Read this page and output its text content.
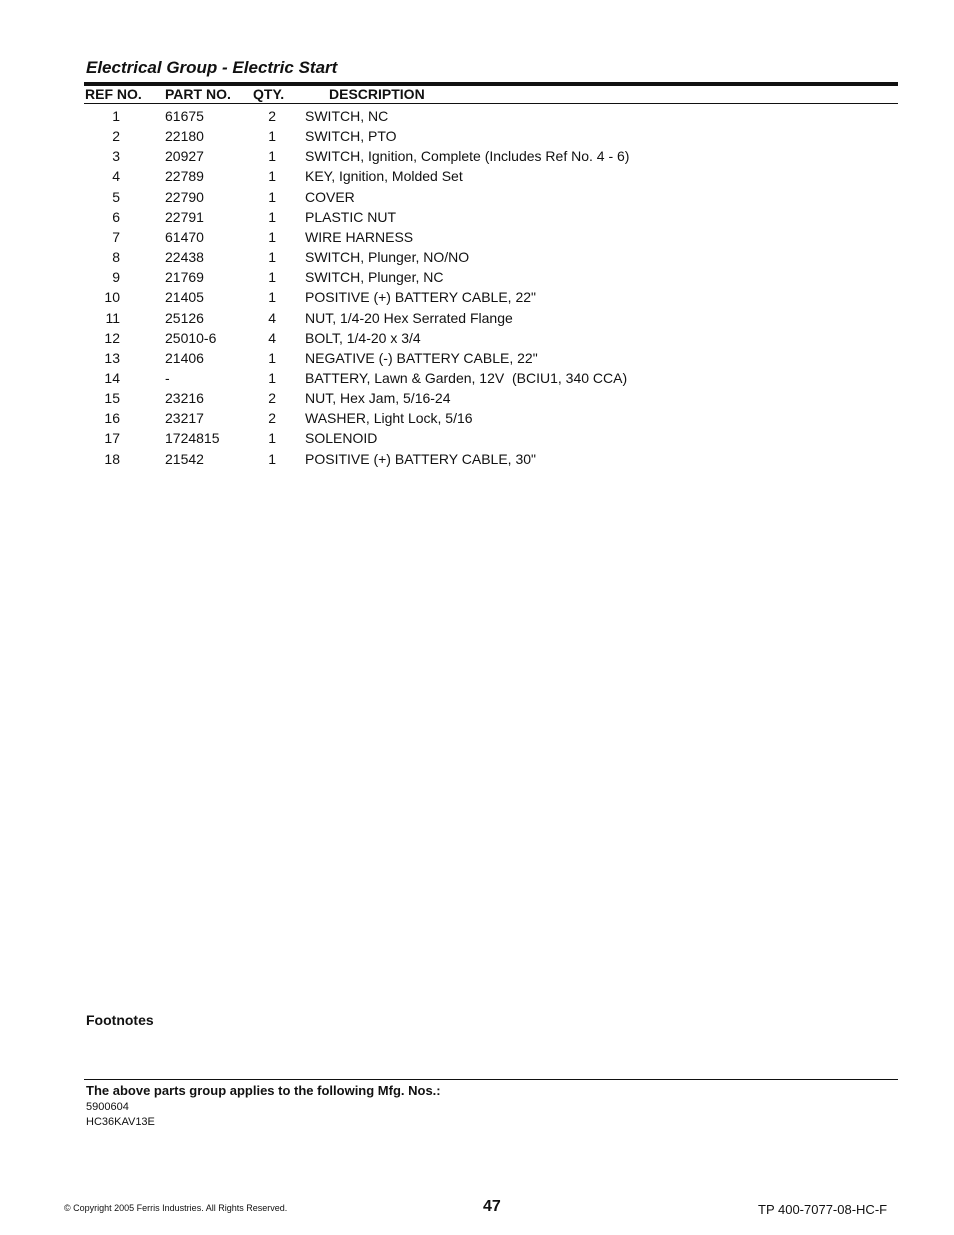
Electrical Group - Electric Start
REF NO. PART NO. QTY.	DESCRIPTION
1	61675	2 SWITCH, NC
2	22180	1 SWITCH, PTO
3	20927	1 SWITCH, Ignition, Complete (Includes Ref No. 4 - 6)
4	22789	1 KEY, Ignition, Molded Set
5	22790	1 COVER
6	22791	1 PLASTIC NUT
7	61470	1 WIRE HARNESS
8	22438	1 SWITCH, Plunger, NO/NO
9	21769	1 SWITCH, Plunger, NC
10	21405	1 POSITIVE (+) BATTERY CABLE, 22"
11	25126	4 NUT, 1/4-20 Hex Serrated Flange
12	25010-6	4 BOLT, 1/4-20 x 3/4
13	21406	1 NEGATIVE (-) BATTERY CABLE, 22"
14	-	1 BATTERY, Lawn & Garden, 12V  (BCIU1, 340 CCA)
15	23216	2 NUT, Hex Jam, 5/16-24
16	23217	2 WASHER, Light Lock, 5/16
17	1724815	1 SOLENOID
18	21542	1 POSITIVE (+) BATTERY CABLE, 30"
Footnotes
The above parts group applies to the following Mfg. Nos.:
5900604
HC36KAV13E
© Copyright 2005 Ferris Industries. All Rights Reserved.	47	TP 400-7077-08-HC-F
